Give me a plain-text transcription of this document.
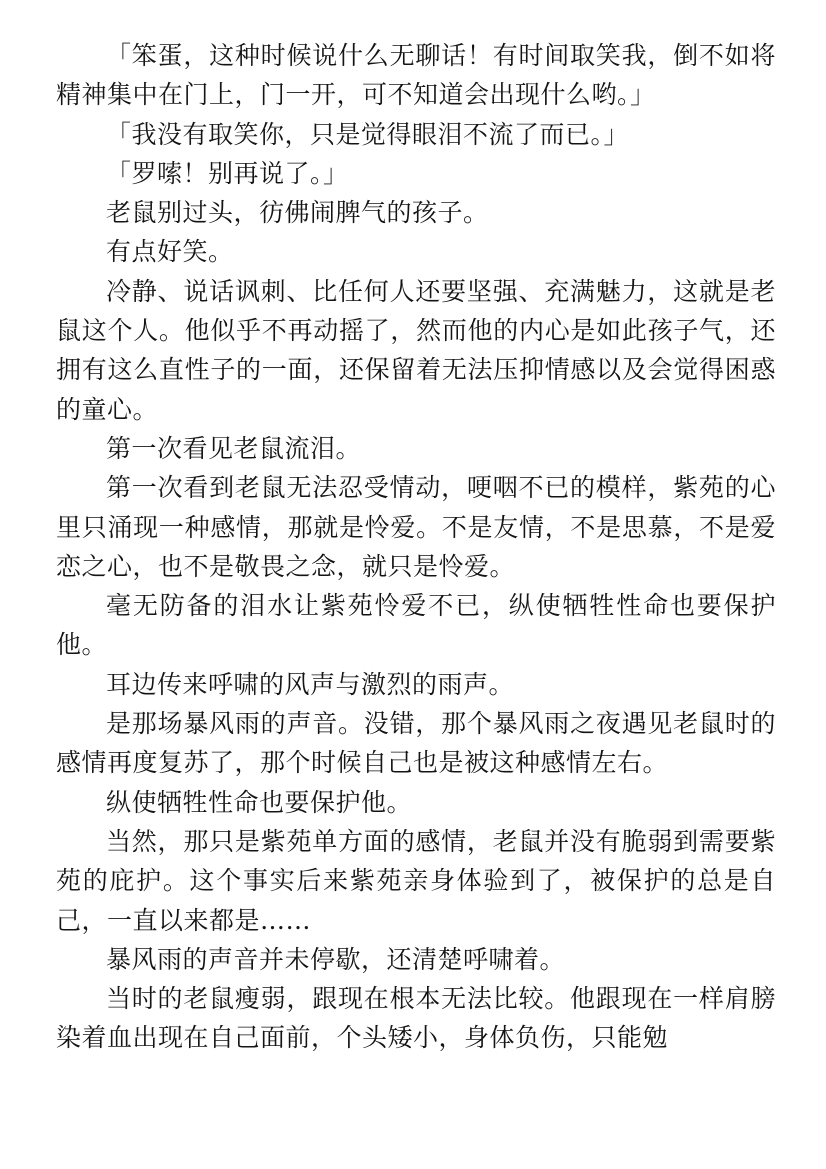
「笨蛋，这种时候说什么无聊话！有时间取笑我，倒不如将精神集中在门上，门一开，可不知道会出现什么哟。」

「我没有取笑你，只是觉得眼泪不流了而已。」

「罗嗦！别再说了。」

老鼠别过头，彷佛闹脾气的孩子。

有点好笑。

冷静、说话讽刺、比任何人还要坚强、充满魅力，这就是老鼠这个人。他似乎不再动摇了，然而他的内心是如此孩子气，还拥有这么直性子的一面，还保留着无法压抑情感以及会觉得困惑的童心。

第一次看见老鼠流泪。

第一次看到老鼠无法忍受情动，哽咽不已的模样，紫苑的心里只涌现一种感情，那就是怜爱。不是友情，不是思慕，不是爱恋之心，也不是敬畏之念，就只是怜爱。

毫无防备的泪水让紫苑怜爱不已，纵使牺牲性命也要保护他。

耳边传来呼啸的风声与激烈的雨声。

是那场暴风雨的声音。没错，那个暴风雨之夜遇见老鼠时的感情再度复苏了，那个时候自己也是被这种感情左右。

纵使牺牲性命也要保护他。

当然，那只是紫苑单方面的感情，老鼠并没有脆弱到需要紫苑的庇护。这个事实后来紫苑亲身体验到了，被保护的总是自己，一直以来都是……

暴风雨的声音并未停歇，还清楚呼啸着。

当时的老鼠瘦弱，跟现在根本无法比较。他跟现在一样肩膀染着血出现在自己面前，个头矮小，身体负伤，只能勉
